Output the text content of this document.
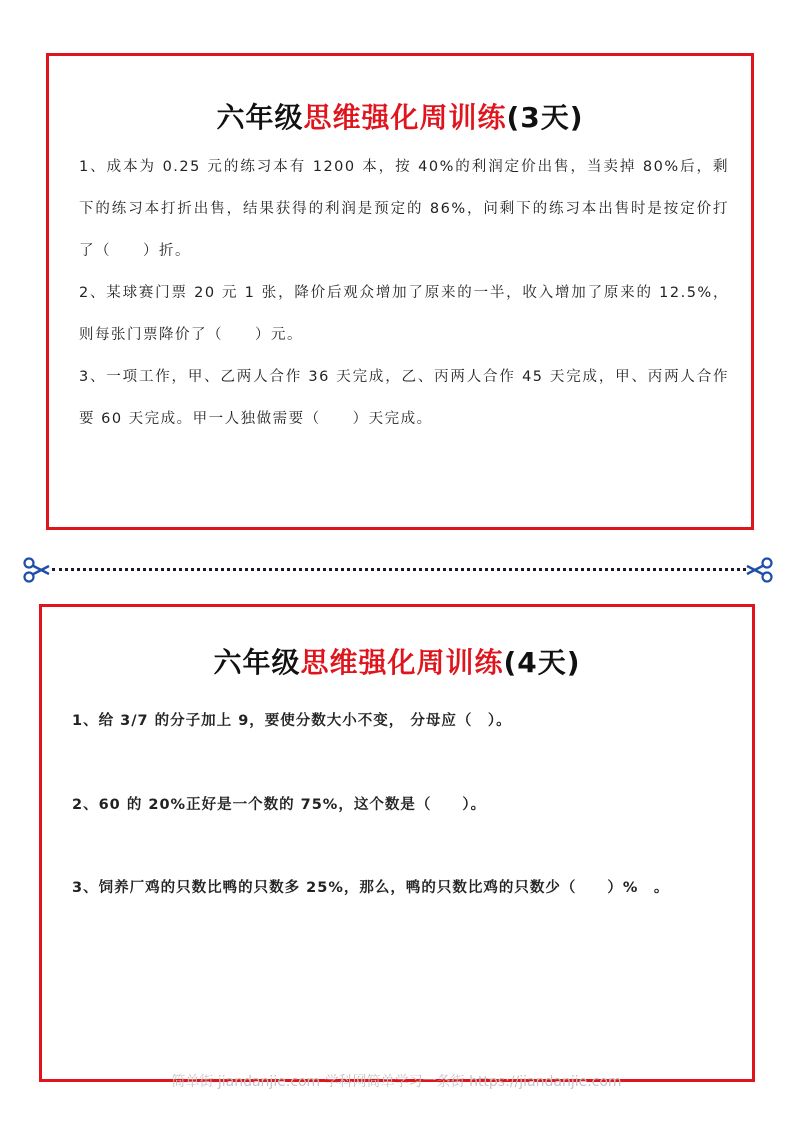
六年级思维强化周训练(3天)
1、成本为 0.25 元的练习本有 1200 本，按 40%的利润定价出售，当卖掉 80%后，剩下的练习本打折出售，结果获得的利润是预定的 86%，问剩下的练习本出售时是按定价打了（　　）折。
2、某球赛门票 20 元 1 张，降价后观众增加了原来的一半，收入增加了原来的 12.5%，则每张门票降价了（　　）元。
3、一项工作，甲、乙两人合作 36 天完成，乙、丙两人合作 45 天完成，甲、丙两人合作要 60 天完成。甲一人独做需要（　　）天完成。
六年级思维强化周训练(4天)
1、给 3/7 的分子加上 9，要使分数大小不变， 分母应（　）。
2、60 的 20%正好是一个数的 75%，这个数是（　　）。
3、饲养厂鸡的只数比鸭的只数多 25%，那么，鸭的只数比鸡的只数少（　　）%　。
简单街 jiandanjie.com 学科网简单学习一条街 https://jiandanjie.com
